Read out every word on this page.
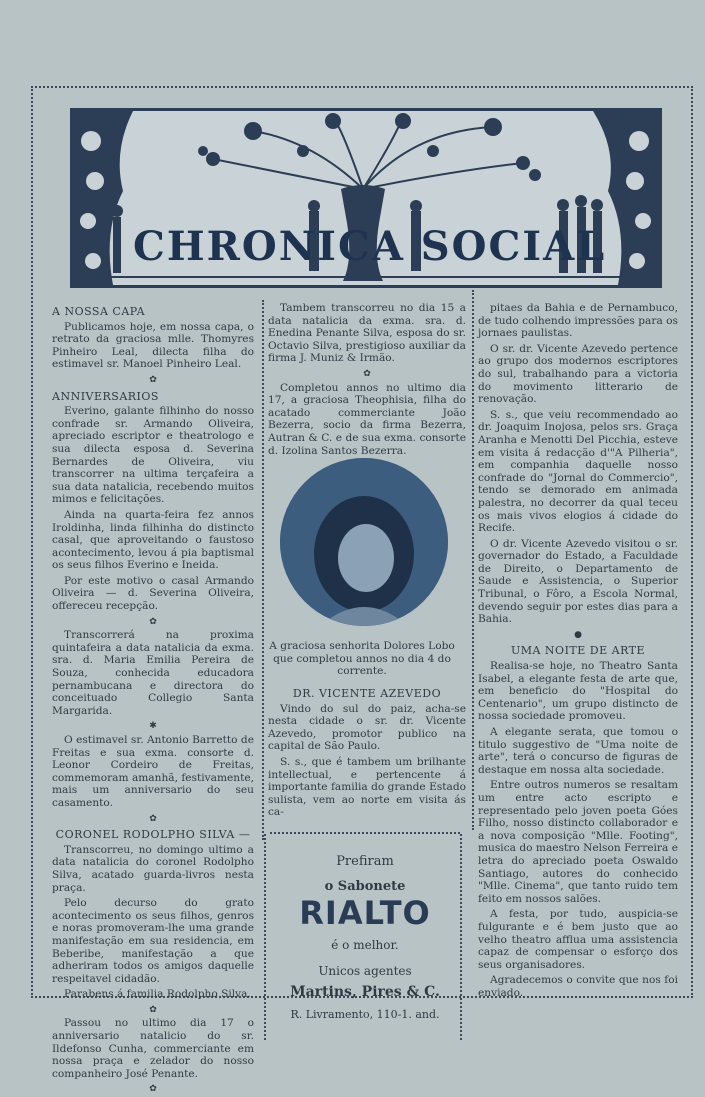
CHRONICA SOCIAL
A NOSSA CAPA

Publicamos hoje, em nossa capa, o retrato da graciosa mlle. Thomyres Pinheiro Leal, dilecta filha do estimavel sr. Manoel Pinheiro Leal.

✿
ANNIVERSARIOS

Everino, galante filhinho do nosso confrade sr. Armando Oliveira, apreciado escriptor e theatrologo e sua dilecta esposa d. Severina Bernardes de Oliveira, viu transcorrer na ultima terçafeira a sua data natalicia, recebendo muitos mimos e felicitações.

Ainda na quarta-feira fez annos Iroldinha, linda filhinha do distincto casal, que aproveitando o faustoso acontecimento, levou á pia baptismal os seus filhos Everino e Ineida.

Por este motivo o casal Armando Oliveira — d. Severina Oliveira, offereceu recepção.

✿

Transcorrerá na proxima quintafeira a data natalicia da exma. sra. d. Maria Emilia Pereira de Souza, conhecida educadora pernambucana e directora do conceituado Collegio Santa Margarida.

✱

O estimavel sr. Antonio Barretto de Freitas e sua exma. consorte d. Leonor Cordeiro de Freitas, commemoram amanhã, festivamente, mais um anniversario do seu casamento.

✿
CORONEL RODOLPHO SILVA —

Transcorreu, no domingo ultimo a data natalicia do coronel Rodolpho Silva, acatado guarda-livros nesta praça.

Pelo decurso do grato acontecimento os seus filhos, genros e noras promoveram-lhe uma grande manifestação em sua residencia, em Beberibe, manifestação a que adheriram todos os amigos daquelle respeitavel cidadão.

Parabens á familia Rodolpho Silva.

✿

Passou no ultimo dia 17 o anniversario natalicio do sr. Ildefonso Cunha, commerciante em nossa praça e zelador do nosso companheiro José Penante.

✿

Tambem transcorreu no dia 15 a data natalicia da exma. sra. d. Enedina Penante Silva, esposa do sr. Octavio Silva, prestigioso auxiliar da firma J. Muniz & Irmão.

✿

Completou annos no ultimo dia 17, a graciosa Theophisia, filha do acatado commerciante João Bezerra, socio da firma Bezerra, Autran & C. e de sua exma. consorte d. Izolina Santos Bezerra.

A graciosa senhorita Dolores Lobo que completou annos no dia 4 do corrente.
DR. VICENTE AZEVEDO

Vindo do sul do paiz, acha-se nesta cidade o sr. dr. Vicente Azevedo, promotor publico na capital de São Paulo.

S. s., que é tambem um brilhante intellectual, e pertencente á importante familia do grande Estado sulista, vem ao norte em visita ás ca-

Prefiram
o Sabonete
RIALTO
é o melhor.
Unicos agentes
Martins, Pires & C.
R. Livramento, 110-1. and.

pitaes da Bahia e de Pernambuco, de tudo colhendo impressões para os jornaes paulistas.

O sr. dr. Vicente Azevedo pertence ao grupo dos modernos escriptores do sul, trabalhando para a victoria do movimento litterario de renovação.

S. s., que veiu recommendado ao dr. Joaquim Inojosa, pelos srs. Graça Aranha e Menotti Del Picchia, esteve em visita á redacção d'"A Pilheria", em companhia daquelle nosso confrade do "Jornal do Commercio", tendo se demorado em animada palestra, no decorrer da qual teceu os mais vivos elogios á cidade do Recife.

O dr. Vicente Azevedo visitou o sr. governador do Estado, a Faculdade de Direito, o Departamento de Saude e Assistencia, o Superior Tribunal, o Fôro, a Escola Normal, devendo seguir por estes dias para a Bahia.

●
UMA NOITE DE ARTE

Realisa-se hoje, no Theatro Santa Isabel, a elegante festa de arte que, em beneficio do "Hospital do Centenario", um grupo distincto de nossa sociedade promoveu.

A elegante serata, que tomou o titulo suggestivo de "Uma noite de arte", terá o concurso de figuras de destaque em nossa alta sociedade.

Entre outros numeros se resaltam um entre acto escripto e representado pelo joven poeta Góes Filho, nosso distincto collaborador e a nova composição "Mlle. Footing", musica do maestro Nelson Ferreira e letra do apreciado poeta Oswaldo Santiago, autores do conhecido "Mlle. Cinema", que tanto ruido tem feito em nossos salões.

A festa, por tudo, auspicia-se fulgurante e é bem justo que ao velho theatro afflua uma assistencia capaz de compensar o esforço dos seus organisadores.

Agradecemos o convite que nos foi enviado.
